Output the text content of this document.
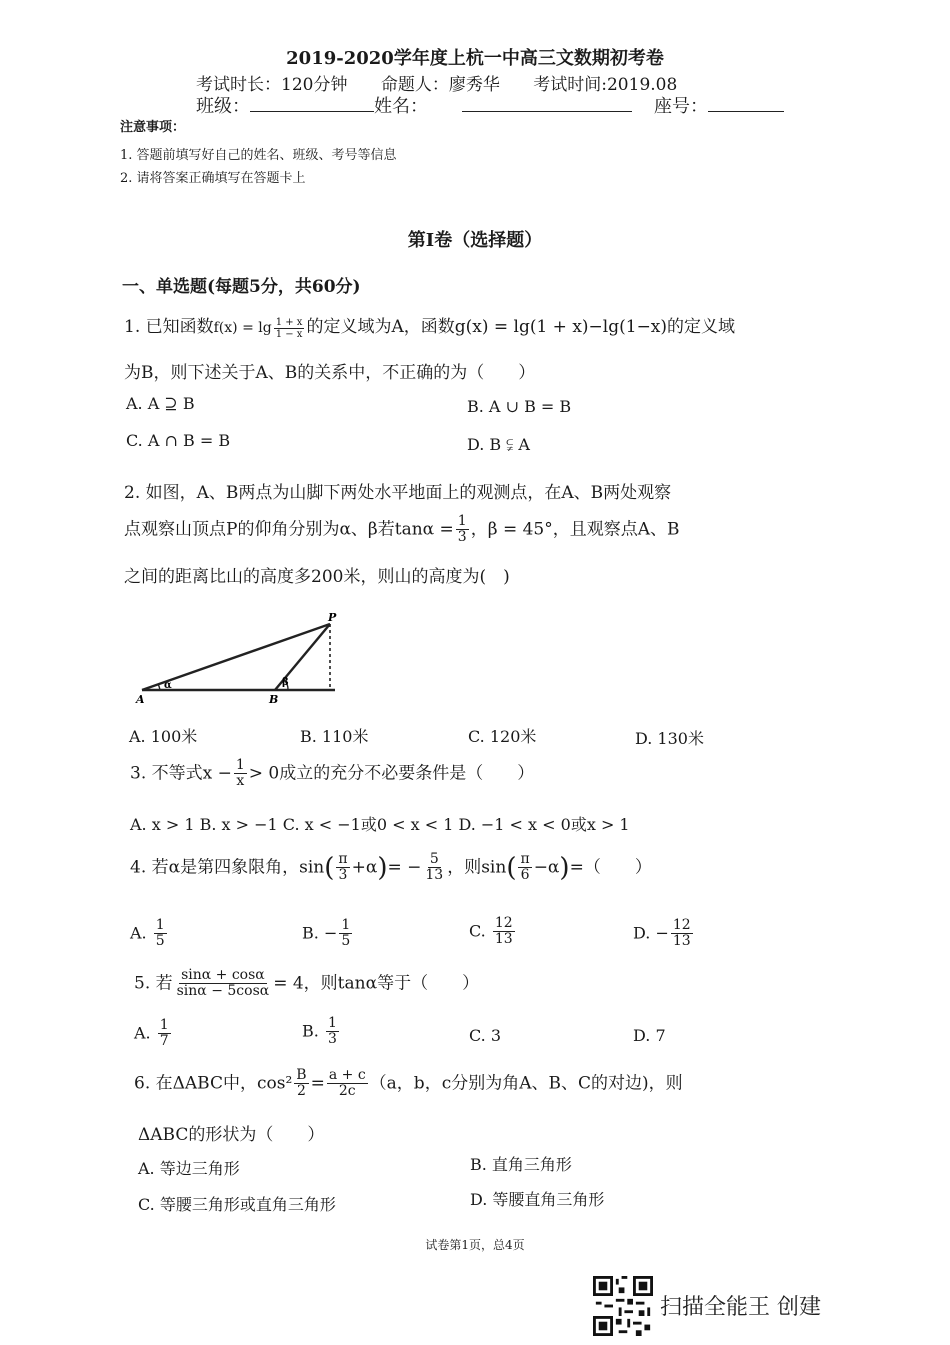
2019-2020学年度上杭一中高三文数期初考卷
考试时长：120分钟 命题人：廖秀华 考试时间:2019.08
班级：	姓名：	座号：
注意事项：
1. 答题前填写好自己的姓名、班级、考号等信息
2. 请将答案正确填写在答题卡上
第Ⅰ卷（选择题）
一、单选题(每题5分，共60分)
1. 已知函数$f(x) = \lg \frac{1 + x}{1 - x}$ 的定义域为A，函数g(x) = lg(1 + x)−lg(1−x)的定义域
为B，则下述关于A、B的关系中，不正确的为（　　）
A. A ⊇ B	B. A ∪ B = B
C. A ∩ B = B	D. B ⫋ A
2. 如图，A、B两点为山脚下两处水平地面上的观测点，在A、B两处观察
点观察山顶点P的仰角分别为α、β若$\tan\alpha = \frac{1}{3}$ ，β = 45°，且观察点A、B
之间的距离比山的高度多200米，则山的高度为(　)
A	B
P
α	β
A. 100米	B. 110米	C. 120米	D. 130米
3. 不等式$x - \frac{1}{x} > 0$成立的充分不必要条件是（　　）
A. x > 1 B. x > −1 C. x < −1或0 < x < 1 D. −1 < x < 0或x > 1
4. 若α是第四象限角，$\sin( \frac{\pi}{3} +\alpha)= - \frac{5}{13}$ ，则$\sin( \frac{\pi}{6} -\alpha)=$（　　）
A. $\frac{1}{5}$	B. − $\frac{1}{5}$	C. $\frac{12}{13}$	D. − $\frac{12}{13}$
5. 若 $\frac{\sin\alpha + \cos\alpha}{\sin\alpha - 5\cos\alpha} = 4$，则tanα等于（　　）
A. $\frac{1}{7}$	B. $\frac{1}{3}$	C. 3	D. 7
6. 在ΔABC中，$\cos^2 \frac{B}{2} = \frac{a + c}{2c} (a$，b，c分别为角A、B、C的对边)，则
ΔABC的形状为（　　）
A. 等边三角形	B. 直角三角形
C. 等腰三角形或直角三角形	D. 等腰直角三角形
试卷第1页，总4页
扫描全能王 创建
